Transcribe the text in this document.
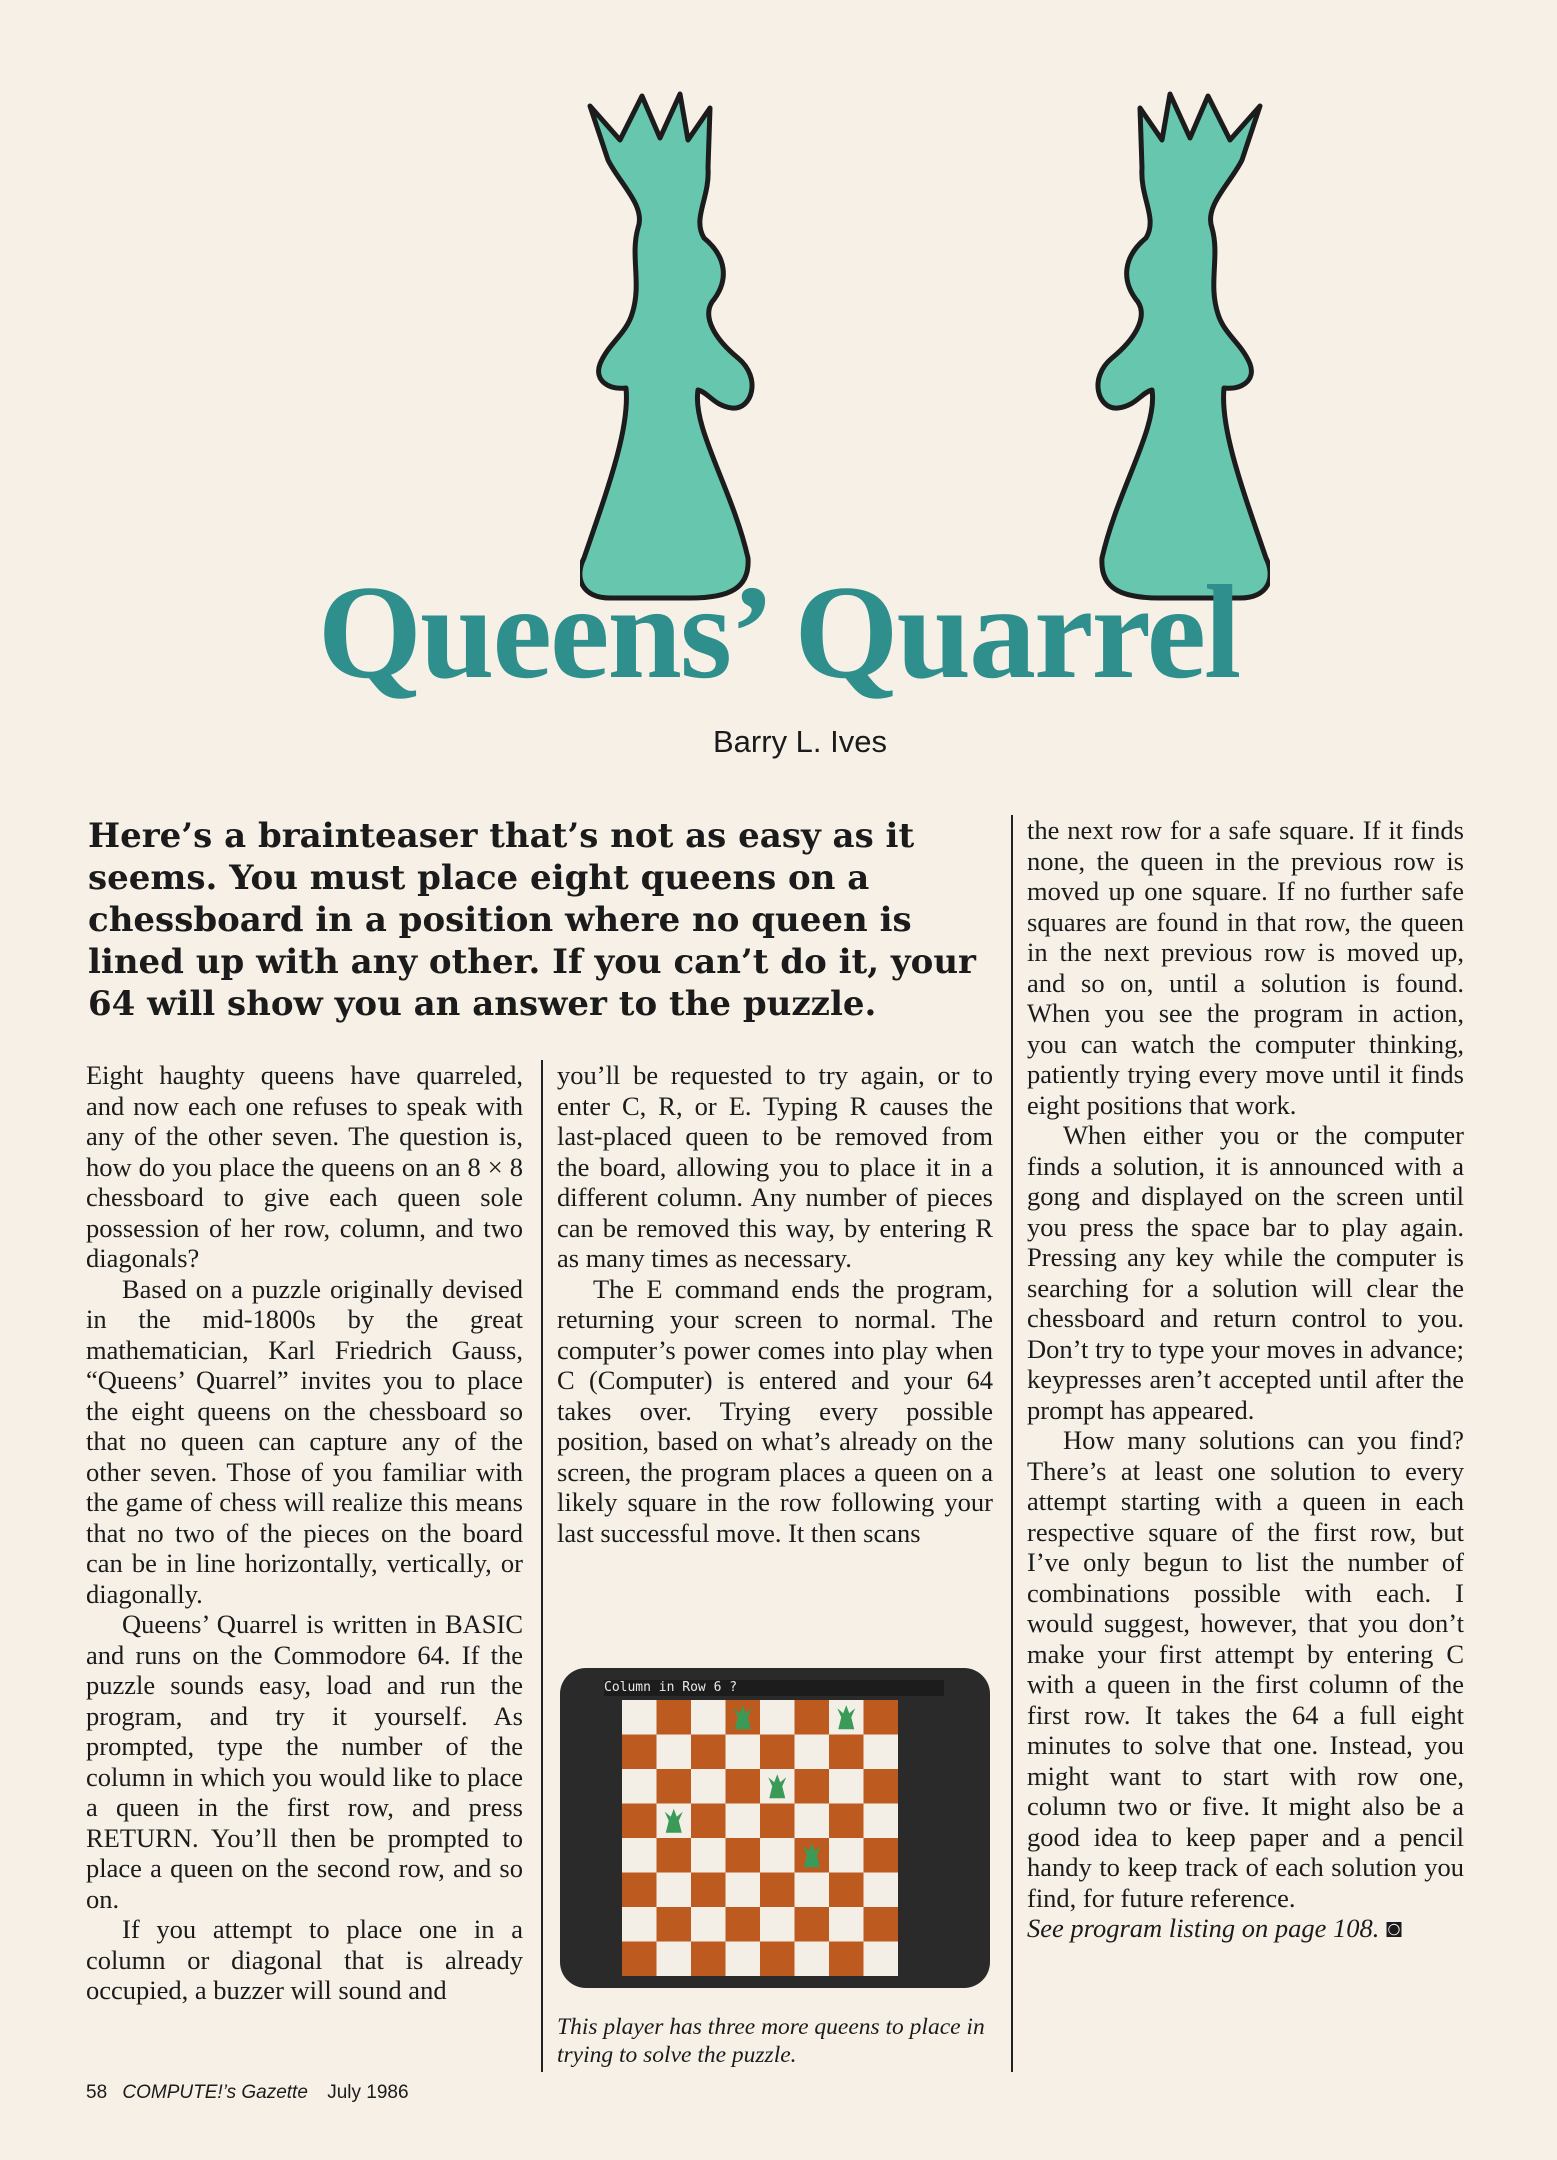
Queens’ Quarrel
Barry L. Ives

Here’s a brainteaser that’s not as easy as it seems. You must place eight queens on a chessboard in a position where no queen is lined up with any other. If you can’t do it, your 64 will show you an answer to the puzzle.

Eight haughty queens have quarreled, and now each one refuses to speak with any of the other seven. The question is, how do you place the queens on an 8 × 8 chessboard to give each queen sole possession of her row, column, and two diagonals?

Based on a puzzle originally devised in the mid-1800s by the great mathematician, Karl Friedrich Gauss, “Queens’ Quarrel” invites you to place the eight queens on the chessboard so that no queen can capture any of the other seven. Those of you familiar with the game of chess will realize this means that no two of the pieces on the board can be in line horizontally, vertically, or diagonally.

Queens’ Quarrel is written in BASIC and runs on the Commodore 64. If the puzzle sounds easy, load and run the program, and try it yourself. As prompted, type the number of the column in which you would like to place a queen in the first row, and press RETURN. You’ll then be prompted to place a queen on the second row, and so on.

If you attempt to place one in a column or diagonal that is already occupied, a buzzer will sound and

you’ll be requested to try again, or to enter C, R, or E. Typing R causes the last-placed queen to be removed from the board, allowing you to place it in a different column. Any number of pieces can be removed this way, by entering R as many times as necessary.

The E command ends the program, returning your screen to normal. The computer’s power comes into play when C (Computer) is entered and your 64 takes over. Trying every possible position, based on what’s already on the screen, the program places a queen on a likely square in the row following your last successful move. It then scans

the next row for a safe square. If it finds none, the queen in the previous row is moved up one square. If no further safe squares are found in that row, the queen in the next previous row is moved up, and so on, until a solution is found. When you see the program in action, you can watch the computer thinking, patiently trying every move until it finds eight positions that work.

When either you or the computer finds a solution, it is announced with a gong and displayed on the screen until you press the space bar to play again. Pressing any key while the computer is searching for a solution will clear the chessboard and return control to you. Don’t try to type your moves in advance; keypresses aren’t accepted until after the prompt has appeared.

How many solutions can you find? There’s at least one solution to every attempt starting with a queen in each respective square of the first row, but I’ve only begun to list the number of combinations possible with each. I would suggest, however, that you don’t make your first attempt by entering C with a queen in the first column of the first row. It takes the 64 a full eight minutes to solve that one. Instead, you might want to start with row one, column two or five. It might also be a good idea to keep paper and a pencil handy to keep track of each solution you find, for future reference.

See program listing on page 108. ◙

Column in Row 6 ?
This player has three more queens to place in trying to solve the puzzle.
58 COMPUTE!’s Gazette July 1986
